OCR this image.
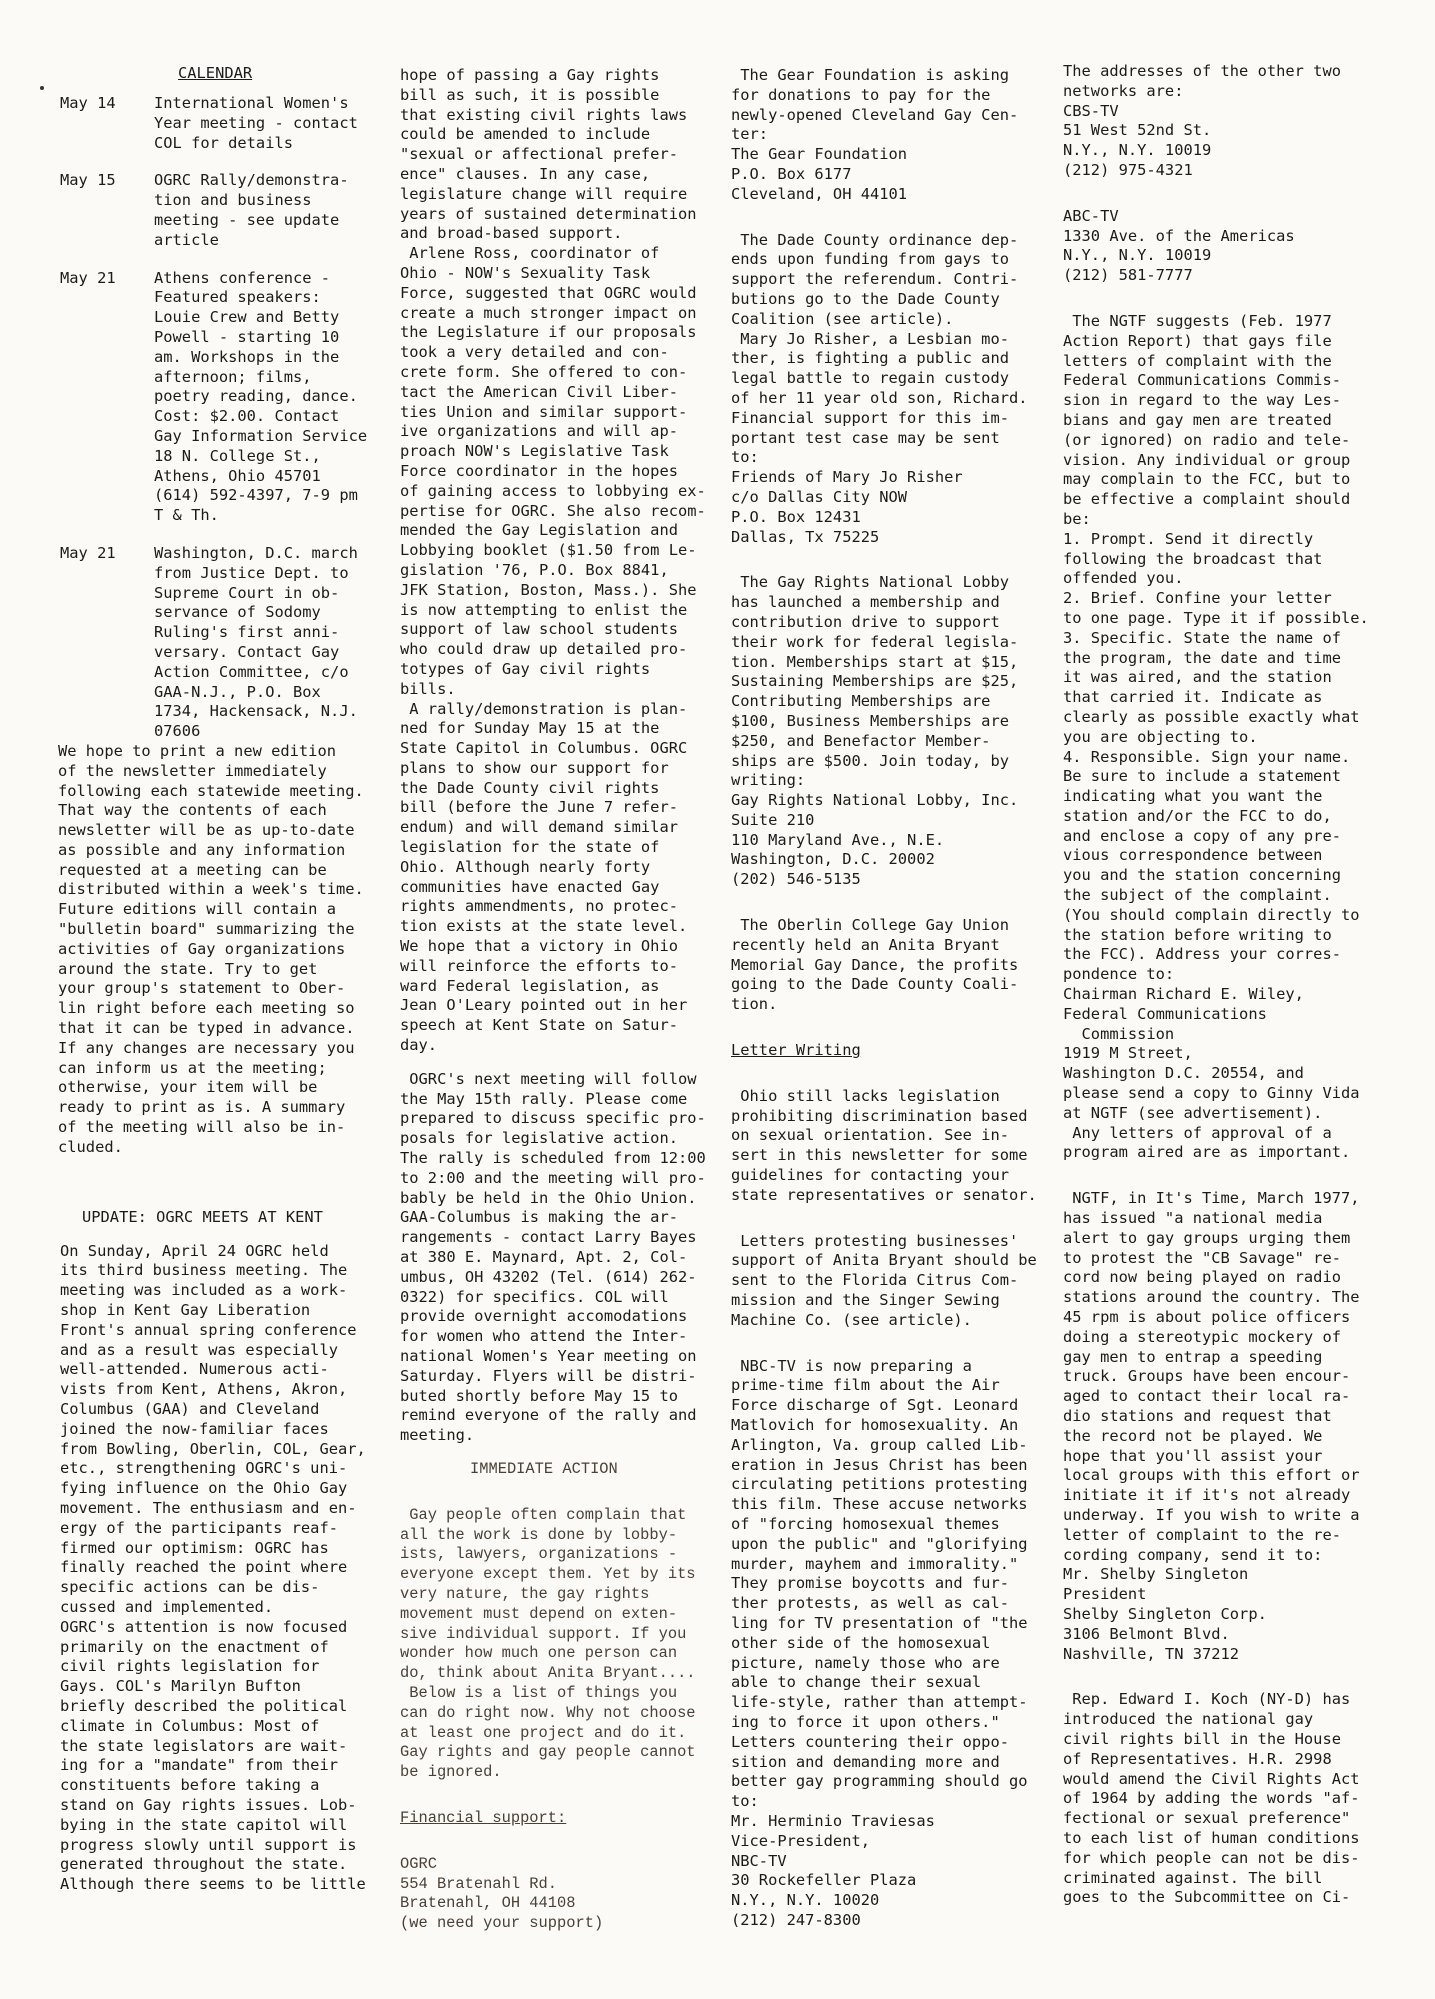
CALENDAR
May 14	International Women's
Year meeting - contact
COL for details
May 15	OGRC Rally/demonstra-
tion and business
meeting - see update
article
May 21	Athens conference -
Featured speakers:
Louie Crew and Betty
Powell - starting 10
am. Workshops in the
afternoon; films,
poetry reading, dance.
Cost: $2.00. Contact
Gay Information Service
18 N. College St.,
Athens, Ohio 45701
(614) 592-4397, 7-9 pm
T & Th.
May 21	Washington, D.C. march
from Justice Dept. to
Supreme Court in ob-
servance of Sodomy
Ruling's first anni-
versary. Contact Gay
Action Committee, c/o
GAA-N.J., P.O. Box
1734, Hackensack, N.J.
07606

We hope to print a new edition
of the newsletter immediately
following each statewide meeting.
That way the contents of each
newsletter will be as up-to-date
as possible and any information
requested at a meeting can be
distributed within a week's time.
Future editions will contain a
"bulletin board" summarizing the
activities of Gay organizations
around the state. Try to get
your group's statement to Ober-
lin right before each meeting so
that it can be typed in advance.
If any changes are necessary you
can inform us at the meeting;
otherwise, your item will be
ready to print as is. A summary
of the meeting will also be in-
cluded.

UPDATE: OGRC MEETS AT KENT

On Sunday, April 24 OGRC held
its third business meeting. The
meeting was included as a work-
shop in Kent Gay Liberation
Front's annual spring conference
and as a result was especially
well-attended. Numerous acti-
vists from Kent, Athens, Akron,
Columbus (GAA) and Cleveland
joined the now-familiar faces
from Bowling, Oberlin, COL, Gear,
etc., strengthening OGRC's uni-
fying influence on the Ohio Gay
movement. The enthusiasm and en-
ergy of the participants reaf-
firmed our optimism: OGRC has
finally reached the point where
specific actions can be dis-
cussed and implemented.
OGRC's attention is now focused
primarily on the enactment of
civil rights legislation for
Gays. COL's Marilyn Bufton
briefly described the political
climate in Columbus: Most of
the state legislators are wait-
ing for a "mandate" from their
constituents before taking a
stand on Gay rights issues. Lob-
bying in the state capitol will
progress slowly until support is
generated throughout the state.
Although there seems to be little

hope of passing a Gay rights
bill as such, it is possible
that existing civil rights laws
could be amended to include
"sexual or affectional prefer-
ence" clauses. In any case,
legislature change will require
years of sustained determination
and broad-based support.
Arlene Ross, coordinator of
Ohio - NOW's Sexuality Task
Force, suggested that OGRC would
create a much stronger impact on
the Legislature if our proposals
took a very detailed and con-
crete form. She offered to con-
tact the American Civil Liber-
ties Union and similar support-
ive organizations and will ap-
proach NOW's Legislative Task
Force coordinator in the hopes
of gaining access to lobbying ex-
pertise for OGRC. She also recom-
mended the Gay Legislation and
Lobbying booklet ($1.50 from Le-
gislation '76, P.O. Box 8841,
JFK Station, Boston, Mass.). She
is now attempting to enlist the
support of law school students
who could draw up detailed pro-
totypes of Gay civil rights
bills.
A rally/demonstration is plan-
ned for Sunday May 15 at the
State Capitol in Columbus. OGRC
plans to show our support for
the Dade County civil rights
bill (before the June 7 refer-
endum) and will demand similar
legislation for the state of
Ohio. Although nearly forty
communities have enacted Gay
rights ammendments, no protec-
tion exists at the state level.
We hope that a victory in Ohio
will reinforce the efforts to-
ward Federal legislation, as
Jean O'Leary pointed out in her
speech at Kent State on Satur-
day.

OGRC's next meeting will follow
the May 15th rally. Please come
prepared to discuss specific pro-
posals for legislative action.
The rally is scheduled from 12:00
to 2:00 and the meeting will pro-
bably be held in the Ohio Union.
GAA-Columbus is making the ar-
rangements - contact Larry Bayes
at 380 E. Maynard, Apt. 2, Col-
umbus, OH 43202 (Tel. (614) 262-
0322) for specifics. COL will
provide overnight accomodations
for women who attend the Inter-
national Women's Year meeting on
Saturday. Flyers will be distri-
buted shortly before May 15 to
remind everyone of the rally and
meeting.

IMMEDIATE ACTION

Gay people often complain that
all the work is done by lobby-
ists, lawyers, organizations -
everyone except them. Yet by its
very nature, the gay rights
movement must depend on exten-
sive individual support. If you
wonder how much one person can
do, think about Anita Bryant....
Below is a list of things you
can do right now. Why not choose
at least one project and do it.
Gay rights and gay people cannot
be ignored.

Financial support:

OGRC
554 Bratenahl Rd.
Bratenahl, OH 44108
(we need your support)

The Gear Foundation is asking
for donations to pay for the
newly-opened Cleveland Gay Cen-
ter:
The Gear Foundation
P.O. Box 6177
Cleveland, OH 44101

The Dade County ordinance dep-
ends upon funding from gays to
support the referendum. Contri-
butions go to the Dade County
Coalition (see article).
Mary Jo Risher, a Lesbian mo-
ther, is fighting a public and
legal battle to regain custody
of her 11 year old son, Richard.
Financial support for this im-
portant test case may be sent
to:
Friends of Mary Jo Risher
c/o Dallas City NOW
P.O. Box 12431
Dallas, Tx 75225

The Gay Rights National Lobby
has launched a membership and
contribution drive to support
their work for federal legisla-
tion. Memberships start at $15,
Sustaining Memberships are $25,
Contributing Memberships are
$100, Business Memberships are
$250, and Benefactor Member-
ships are $500. Join today, by
writing:
Gay Rights National Lobby, Inc.
Suite 210
110 Maryland Ave., N.E.
Washington, D.C. 20002
(202) 546-5135

The Oberlin College Gay Union
recently held an Anita Bryant
Memorial Gay Dance, the profits
going to the Dade County Coali-
tion.

Letter Writing

Ohio still lacks legislation
prohibiting discrimination based
on sexual orientation. See in-
sert in this newsletter for some
guidelines for contacting your
state representatives or senator.

Letters protesting businesses'
support of Anita Bryant should be
sent to the Florida Citrus Com-
mission and the Singer Sewing
Machine Co. (see article).

NBC-TV is now preparing a
prime-time film about the Air
Force discharge of Sgt. Leonard
Matlovich for homosexuality. An
Arlington, Va. group called Lib-
eration in Jesus Christ has been
circulating petitions protesting
this film. These accuse networks
of "forcing homosexual themes
upon the public" and "glorifying
murder, mayhem and immorality."
They promise boycotts and fur-
ther protests, as well as cal-
ling for TV presentation of "the
other side of the homosexual
picture, namely those who are
able to change their sexual
life-style, rather than attempt-
ing to force it upon others."
Letters countering their oppo-
sition and demanding more and
better gay programming should go
to:
Mr. Herminio Traviesas
Vice-President,
NBC-TV
30 Rockefeller Plaza
N.Y., N.Y. 10020
(212) 247-8300

The addresses of the other two
networks are:
CBS-TV
51 West 52nd St.
N.Y., N.Y. 10019
(212) 975-4321

ABC-TV
1330 Ave. of the Americas
N.Y., N.Y. 10019
(212) 581-7777

The NGTF suggests (Feb. 1977
Action Report) that gays file
letters of complaint with the
Federal Communications Commis-
sion in regard to the way Les-
bians and gay men are treated
(or ignored) on radio and tele-
vision. Any individual or group
may complain to the FCC, but to
be effective a complaint should
be:
1. Prompt. Send it directly
following the broadcast that
offended you.
2. Brief. Confine your letter
to one page. Type it if possible.
3. Specific. State the name of
the program, the date and time
it was aired, and the station
that carried it. Indicate as
clearly as possible exactly what
you are objecting to.
4. Responsible. Sign your name.
Be sure to include a statement
indicating what you want the
station and/or the FCC to do,
and enclose a copy of any pre-
vious correspondence between
you and the station concerning
the subject of the complaint.
(You should complain directly to
the station before writing to
the FCC). Address your corres-
pondence to:
Chairman Richard E. Wiley,
Federal Communications
Commission
1919 M Street,
Washington D.C. 20554, and
please send a copy to Ginny Vida
at NGTF (see advertisement).
Any letters of approval of a
program aired are as important.

NGTF, in It's Time, March 1977,
has issued "a national media
alert to gay groups urging them
to protest the "CB Savage" re-
cord now being played on radio
stations around the country. The
45 rpm is about police officers
doing a stereotypic mockery of
gay men to entrap a speeding
truck. Groups have been encour-
aged to contact their local ra-
dio stations and request that
the record not be played. We
hope that you'll assist your
local groups with this effort or
initiate it if it's not already
underway. If you wish to write a
letter of complaint to the re-
cording company, send it to:
Mr. Shelby Singleton
President
Shelby Singleton Corp.
3106 Belmont Blvd.
Nashville, TN 37212

Rep. Edward I. Koch (NY-D) has
introduced the national gay
civil rights bill in the House
of Representatives. H.R. 2998
would amend the Civil Rights Act
of 1964 by adding the words "af-
fectional or sexual preference"
to each list of human conditions
for which people can not be dis-
criminated against. The bill
goes to the Subcommittee on Ci-
